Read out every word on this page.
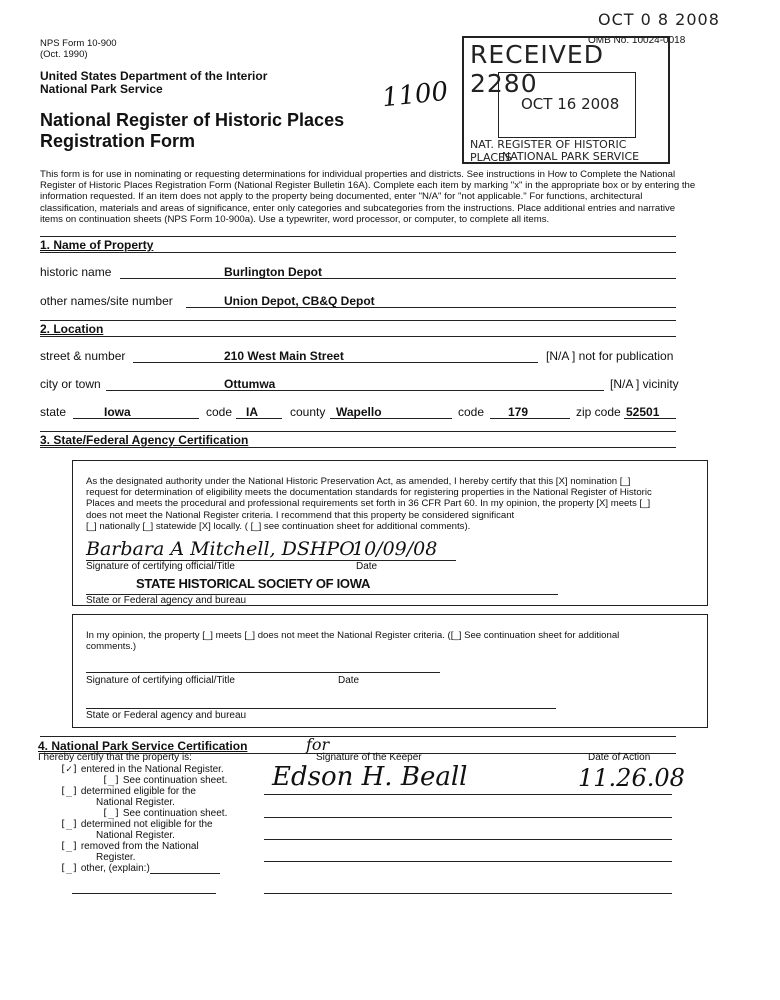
NPS Form 10-900
(Oct. 1990)
United States Department of the Interior
National Park Service
National Register of Historic Places
Registration Form
1100
OCT 0 8 2008
OMB No. 10024-0018
RECEIVED 2280
OCT 16 2008
NAT. REGISTER OF HISTORIC PLACES
NATIONAL PARK SERVICE
This form is for use in nominating or requesting determinations for individual properties and districts. See instructions in How to Complete the National
Register of Historic Places Registration Form (National Register Bulletin 16A). Complete each item by marking "x" in the appropriate box or by entering the
information requested. If an item does not apply to the property being documented, enter "N/A" for "not applicable." For functions, architectural
classification, materials and areas of significance, enter only categories and subcategories from the instructions. Place additional entries and narrative
items on continuation sheets (NPS Form 10-900a). Use a typewriter, word processor, or computer, to complete all items.
1. Name of Property
historic name	Burlington Depot
other names/site number	Union Depot, CB&Q Depot
2. Location
street & number	210 West Main Street	[N/A ] not for publication
city or town	Ottumwa	[N/A ] vicinity
state	Iowa	code IA	county Wapello	code 179	zip code 52501
3. State/Federal Agency Certification
As the designated authority under the National Historic Preservation Act, as amended, I hereby certify that this [X] nomination [_]
request for determination of eligibility meets the documentation standards for registering properties in the National Register of Historic
Places and meets the procedural and professional requirements set forth in 36 CFR Part 60. In my opinion, the property [X] meets [_]
does not meet the National Register criteria. I recommend that this property be considered significant
[_] nationally [_] statewide [X] locally. ( [_] see continuation sheet for additional comments).
Barbara A Mitchell, DSHPO
10/09/08
Signature of certifying official/Title	Date
STATE HISTORICAL SOCIETY OF IOWA
State or Federal agency and bureau
In my opinion, the property [_] meets [_] does not meet the National Register criteria. ([_] See continuation sheet for additional
comments.)
Signature of certifying official/Title	Date
State or Federal agency and bureau
4. National Park Service Certification
I hereby certify that the property is:
[✓] entered in the National Register.
[_] See continuation sheet.
[_] determined eligible for the
National Register.
[_] See continuation sheet.
[_] determined not eligible for the
National Register.
[_] removed from the National
Register.
[_] other, (explain:)
Signature of the Keeper	Date of Action
for
Edson H. Beall	11.26.08
